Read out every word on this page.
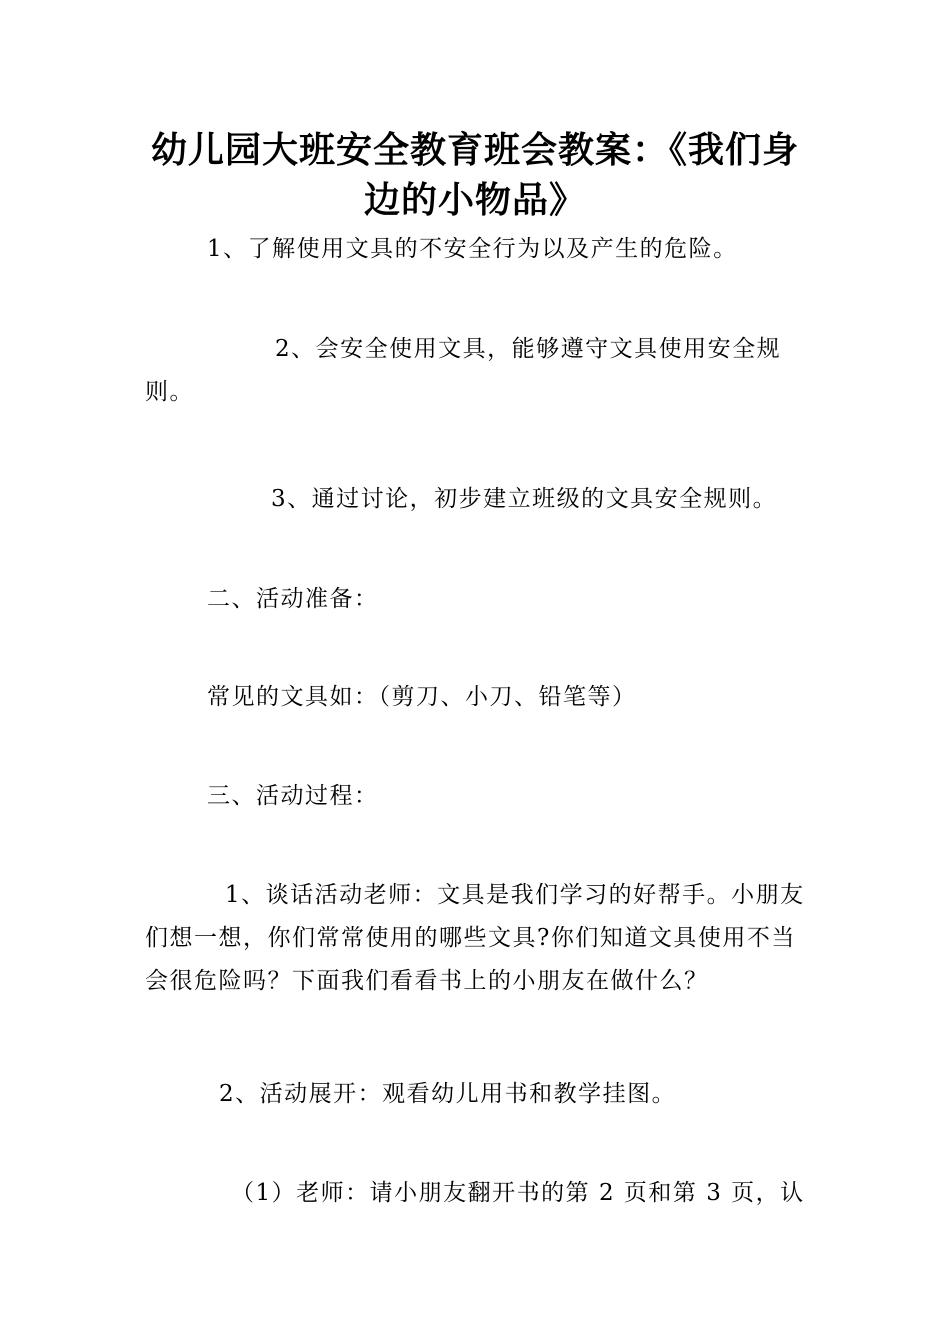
幼儿园大班安全教育班会教案：《我们身边的小物品》

1、了解使用文具的不安全行为以及产生的危险。

2、会安全使用文具，能够遵守文具使用安全规则。

3、通过讨论，初步建立班级的文具安全规则。

二、活动准备：

常见的文具如：（剪刀、小刀、铅笔等）

三、活动过程：

1、谈话活动老师：文具是我们学习的好帮手。小朋友们想一想，你们常常使用的哪些文具?你们知道文具使用不当会很危险吗？下面我们看看书上的小朋友在做什么？

2、活动展开：观看幼儿用书和教学挂图。

（1）老师：请小朋友翻开书的第 2 页和第 3 页，认
